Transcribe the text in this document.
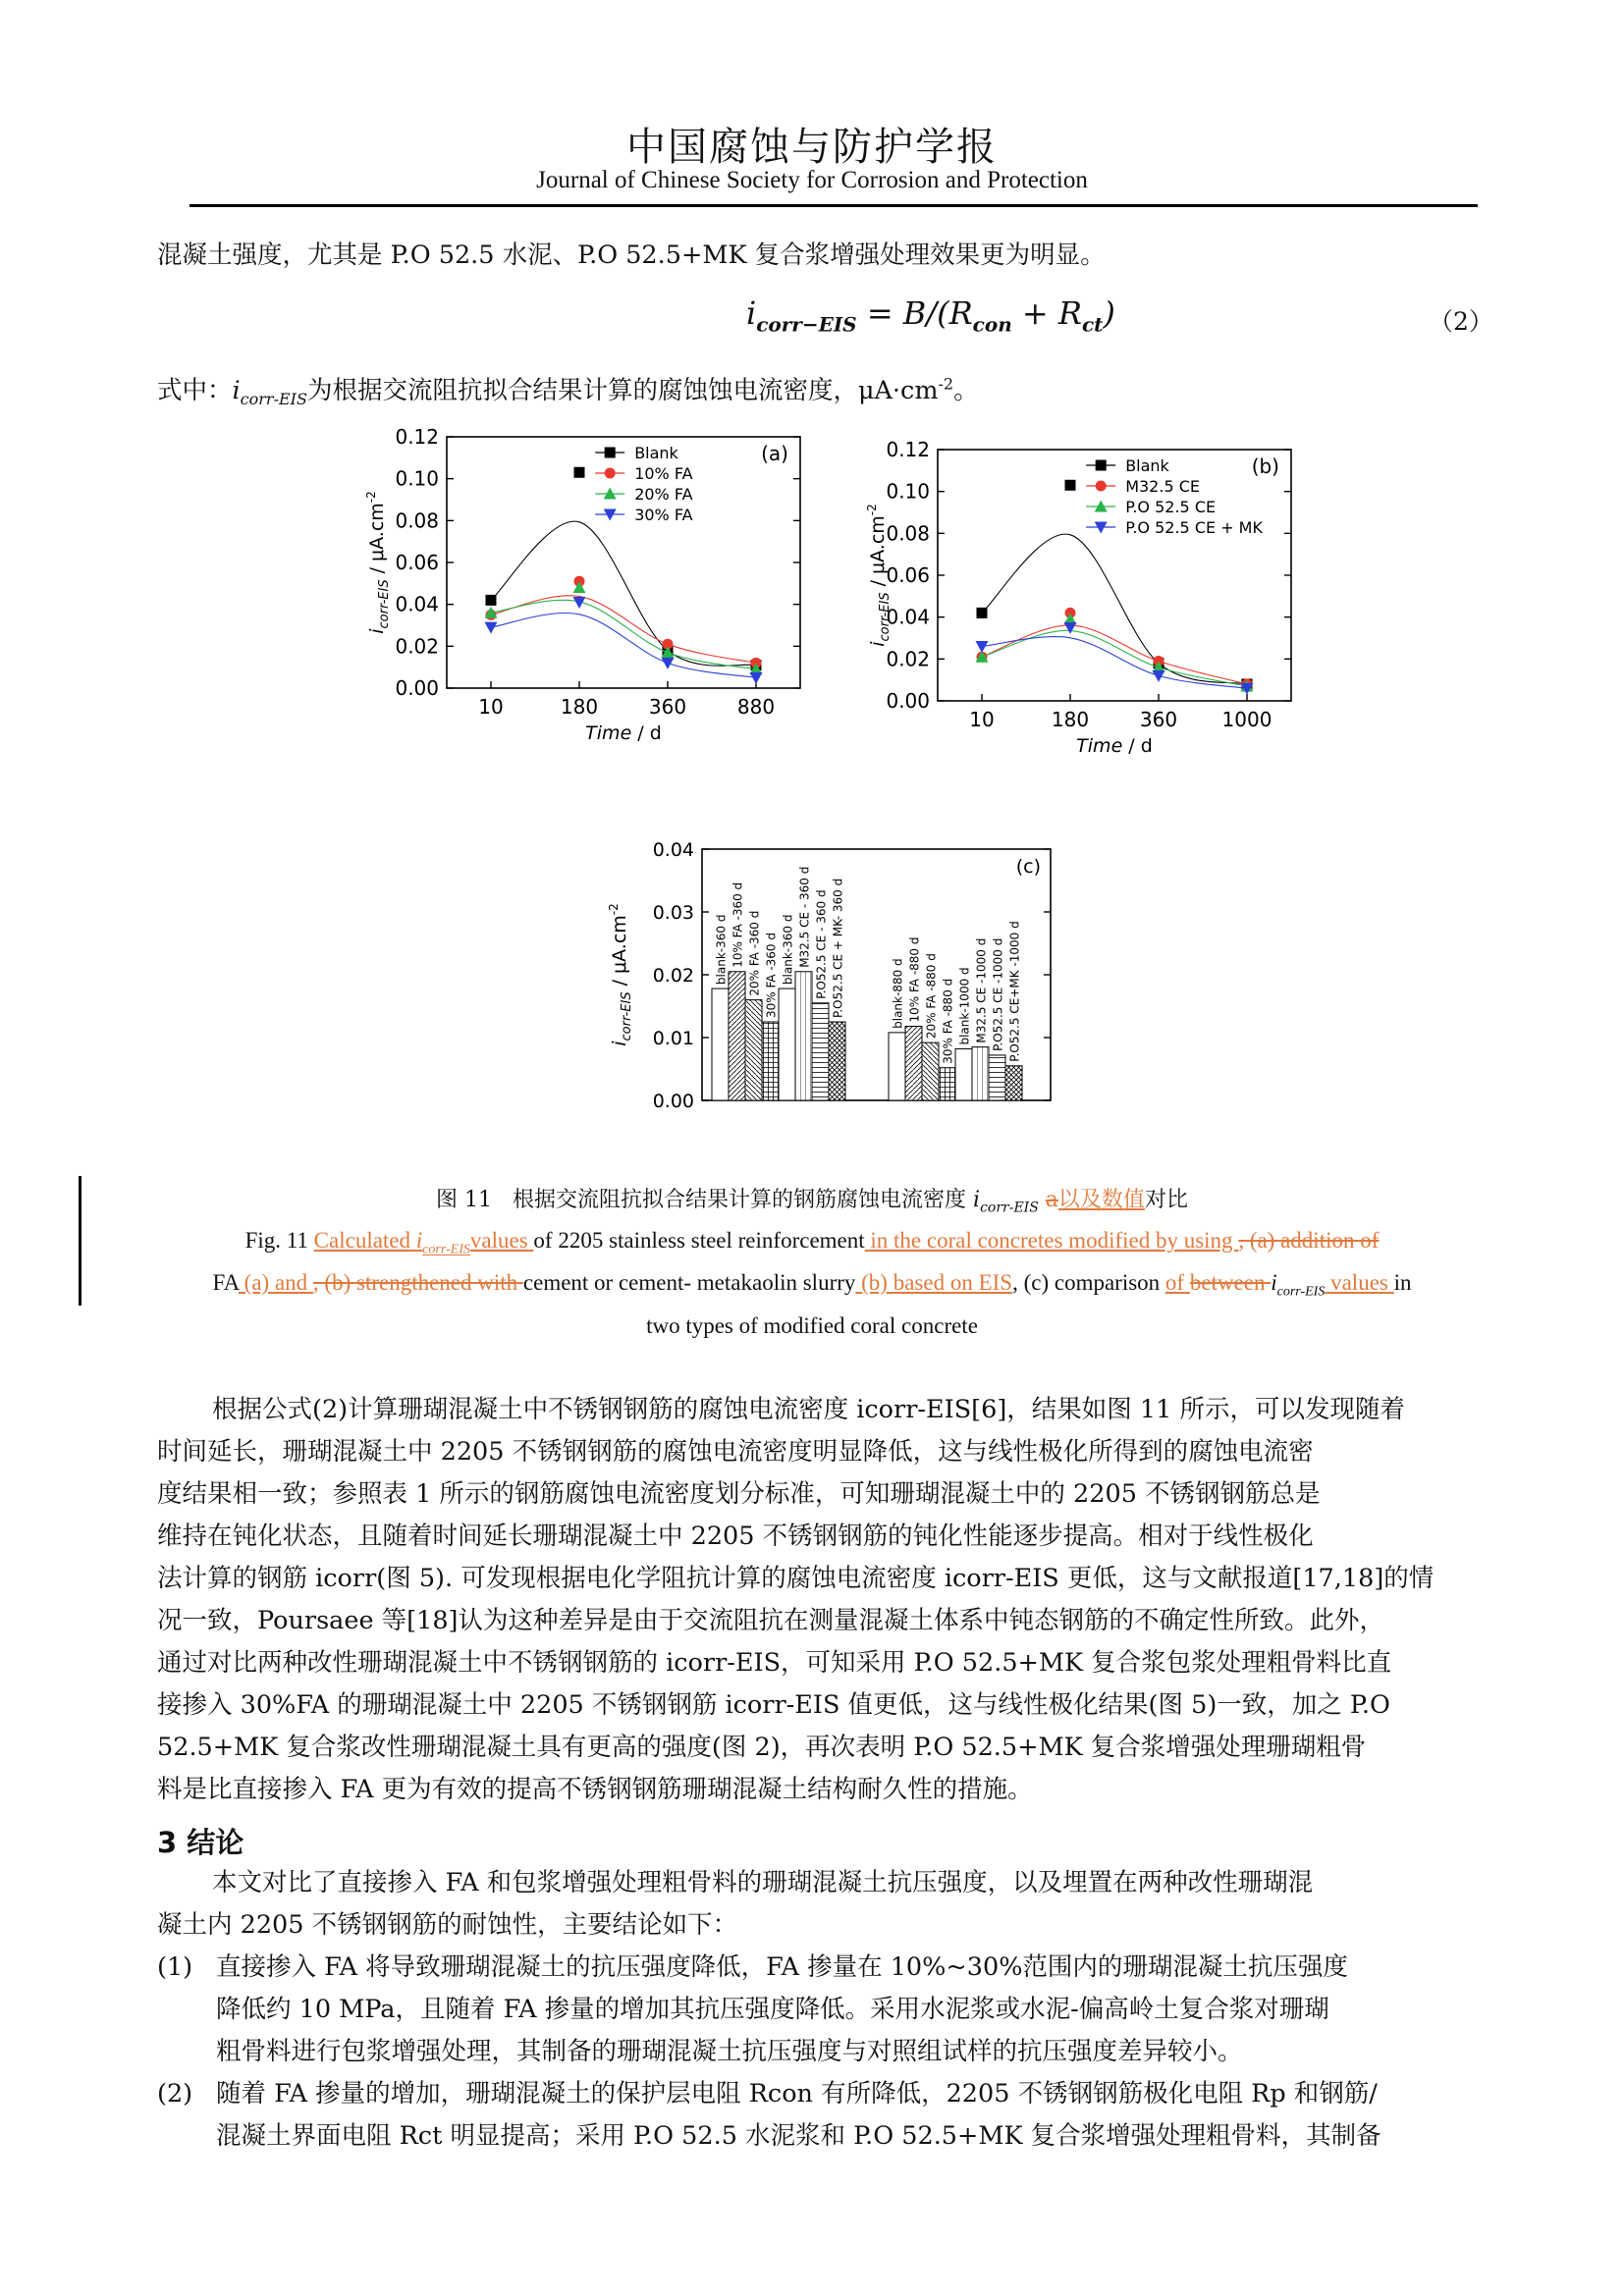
中国腐蚀与防护学报
Journal of Chinese Society for Corrosion and Protection
混凝土强度，尤其是 P.O 52.5 水泥、P.O 52.5+MK 复合浆增强处理效果更为明显。
$i_{corr-EIS} = B/(R_{con} + R_{ct})$	（2）
式中：$i_{corr-EIS}$为根据交流阻抗拟合结果计算的腐蚀蚀电流密度，$\mu A\cdot cm^{-2}$。
0.00
0.02
0.04
0.06
0.08
0.10
0.12
10	180	360	880
Blank
10% FA
20% FA
30% FA
(a)
$i_{corr-EIS} / \mu A.cm^{-2}$
Time / d
0.00
0.02
0.04
0.06
0.08
0.10
0.12
10	180	360 1000
Blank
M32.5 CE
P.O 52.5 CE
P.O 52.5 CE + MK
(b)
$i_{corr-EIS} / \mu A.cm^{-2}$
Time / d
0.00
0.01
0.02
0.03
0.04
blank-360 d 10% FA -360 d 20% FA -360 d 30% FA -360 d blank-360 d M32.5 CE - 360 d P.O52.5 CE - 360 d P.O52.5 CE + MK- 360 d	blank-880 d 10% FA -880 d 20% FA -880 d 30% FA -880 d blank-1000 d M32.5 CE -1000 d P.O52.5 CE -1000 d P.O52.5 CE+MK -1000 d
(c)
$i_{corr-EIS} / \mu A.cm^{-2}$
图 11 根据交流阻抗拟合结果计算的钢筋腐蚀电流密度 $i_{corr-EIS}$ a以及数值对比
Fig. 11 Calculated $i_{corr-EIS}values$ of 2205 stainless steel reinforcement in the coral concretes modified by using , (a) addition of
FA (a) and , (b) strengthened with cement or cement- metakaolin slurry (b) based on EIS, (c) comparison of between $i_{corr-EIS}$ values in
two types of modified coral concrete

根据公式(2)计算珊瑚混凝土中不锈钢钢筋的腐蚀电流密度 icorr-EIS[6]，结果如图 11 所示，可以发现随着

时间延长，珊瑚混凝土中 2205 不锈钢钢筋的腐蚀电流密度明显降低，这与线性极化所得到的腐蚀电流密

度结果相一致；参照表 1 所示的钢筋腐蚀电流密度划分标准，可知珊瑚混凝土中的 2205 不锈钢钢筋总是

维持在钝化状态，且随着时间延长珊瑚混凝土中 2205 不锈钢钢筋的钝化性能逐步提高。相对于线性极化

法计算的钢筋 icorr(图 5). 可发现根据电化学阻抗计算的腐蚀电流密度 icorr-EIS 更低，这与文献报道[17,18]的情

况一致，Poursaee 等[18]认为这种差异是由于交流阻抗在测量混凝土体系中钝态钢筋的不确定性所致。此外，

通过对比两种改性珊瑚混凝土中不锈钢钢筋的 icorr-EIS，可知采用 P.O 52.5+MK 复合浆包浆处理粗骨料比直

接掺入 30%FA 的珊瑚混凝土中 2205 不锈钢钢筋 icorr-EIS 值更低，这与线性极化结果(图 5)一致，加之 P.O

52.5+MK 复合浆改性珊瑚混凝土具有更高的强度(图 2)，再次表明 P.O 52.5+MK 复合浆增强处理珊瑚粗骨

料是比直接掺入 FA 更为有效的提高不锈钢钢筋珊瑚混凝土结构耐久性的措施。

3 结论

本文对比了直接掺入 FA 和包浆增强处理粗骨料的珊瑚混凝土抗压强度，以及埋置在两种改性珊瑚混

凝土内 2205 不锈钢钢筋的耐蚀性，主要结论如下：

(1) 直接掺入 FA 将导致珊瑚混凝土的抗压强度降低，FA 掺量在 10%~30%范围内的珊瑚混凝土抗压强度
降低约 10 MPa，且随着 FA 掺量的增加其抗压强度降低。采用水泥浆或水泥-偏高岭土复合浆对珊瑚
粗骨料进行包浆增强处理，其制备的珊瑚混凝土抗压强度与对照组试样的抗压强度差异较小。
(2) 随着 FA 掺量的增加，珊瑚混凝土的保护层电阻 Rcon 有所降低，2205 不锈钢钢筋极化电阻 Rp 和钢筋/
混凝土界面电阻 Rct 明显提高；采用 P.O 52.5 水泥浆和 P.O 52.5+MK 复合浆增强处理粗骨料，其制备
